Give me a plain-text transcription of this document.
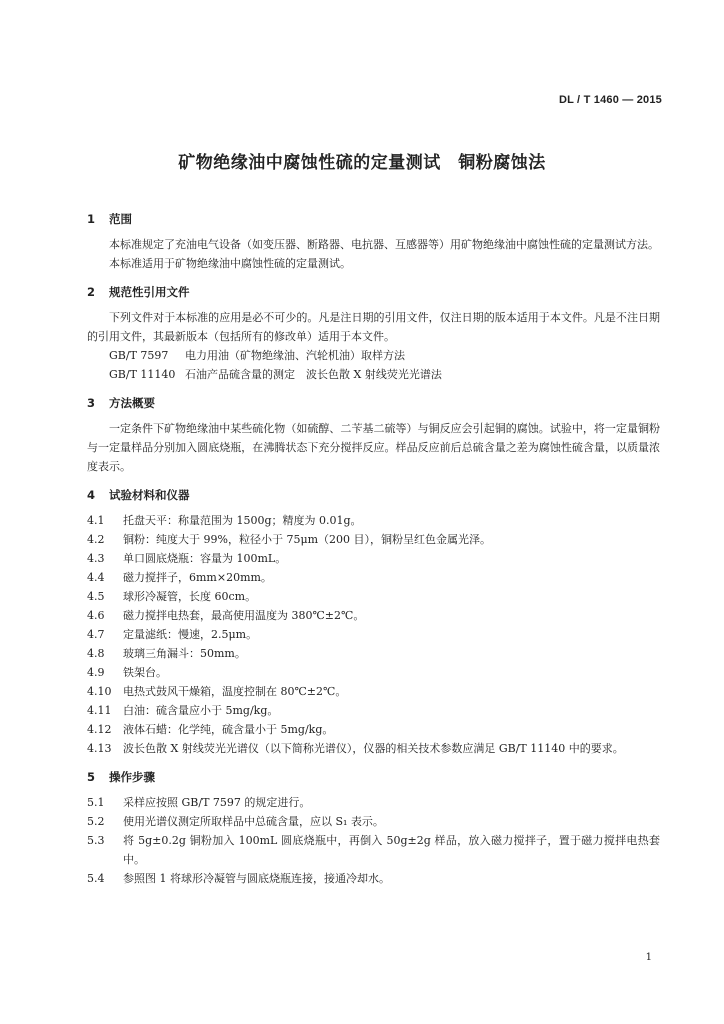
DL / T 1460 — 2015
矿物绝缘油中腐蚀性硫的定量测试　铜粉腐蚀法

1 范围

本标准规定了充油电气设备（如变压器、断路器、电抗器、互感器等）用矿物绝缘油中腐蚀性硫的定量测试方法。

本标准适用于矿物绝缘油中腐蚀性硫的定量测试。

2 规范性引用文件

下列文件对于本标准的应用是必不可少的。凡是注日期的引用文件，仅注日期的版本适用于本文件。凡是不注日期的引用文件，其最新版本（包括所有的修改单）适用于本文件。

GB/T 7597 电力用油（矿物绝缘油、汽轮机油）取样方法

GB/T 11140 石油产品硫含量的测定　波长色散 X 射线荧光光谱法

3 方法概要

一定条件下矿物绝缘油中某些硫化物（如硫醇、二苄基二硫等）与铜反应会引起铜的腐蚀。试验中，将一定量铜粉与一定量样品分别加入圆底烧瓶，在沸腾状态下充分搅拌反应。样品反应前后总硫含量之差为腐蚀性硫含量，以质量浓度表示。

4 试验材料和仪器

4.1	托盘天平：称量范围为 1500g；精度为 0.01g。
4.2	铜粉：纯度大于 99%，粒径小于 75μm（200 目），铜粉呈红色金属光泽。
4.3	单口圆底烧瓶：容量为 100mL。
4.4	磁力搅拌子，6mm×20mm。
4.5	球形冷凝管，长度 60cm。
4.6	磁力搅拌电热套，最高使用温度为 380℃±2℃。
4.7	定量滤纸：慢速，2.5μm。
4.8	玻璃三角漏斗：50mm。
4.9	铁架台。
4.10	电热式鼓风干燥箱，温度控制在 80℃±2℃。
4.11	白油：硫含量应小于 5mg/kg。
4.12	液体石蜡：化学纯，硫含量小于 5mg/kg。
4.13	波长色散 X 射线荧光光谱仪（以下简称光谱仪），仪器的相关技术参数应满足 GB/T 11140 中的要求。

5 操作步骤

5.1	采样应按照 GB/T 7597 的规定进行。
5.2	使用光谱仪测定所取样品中总硫含量，应以 S₁ 表示。
5.3	将 5g±0.2g 铜粉加入 100mL 圆底烧瓶中，再倒入 50g±2g 样品，放入磁力搅拌子，置于磁力搅拌电热套中。
5.4	参照图 1 将球形冷凝管与圆底烧瓶连接，接通冷却水。
1
